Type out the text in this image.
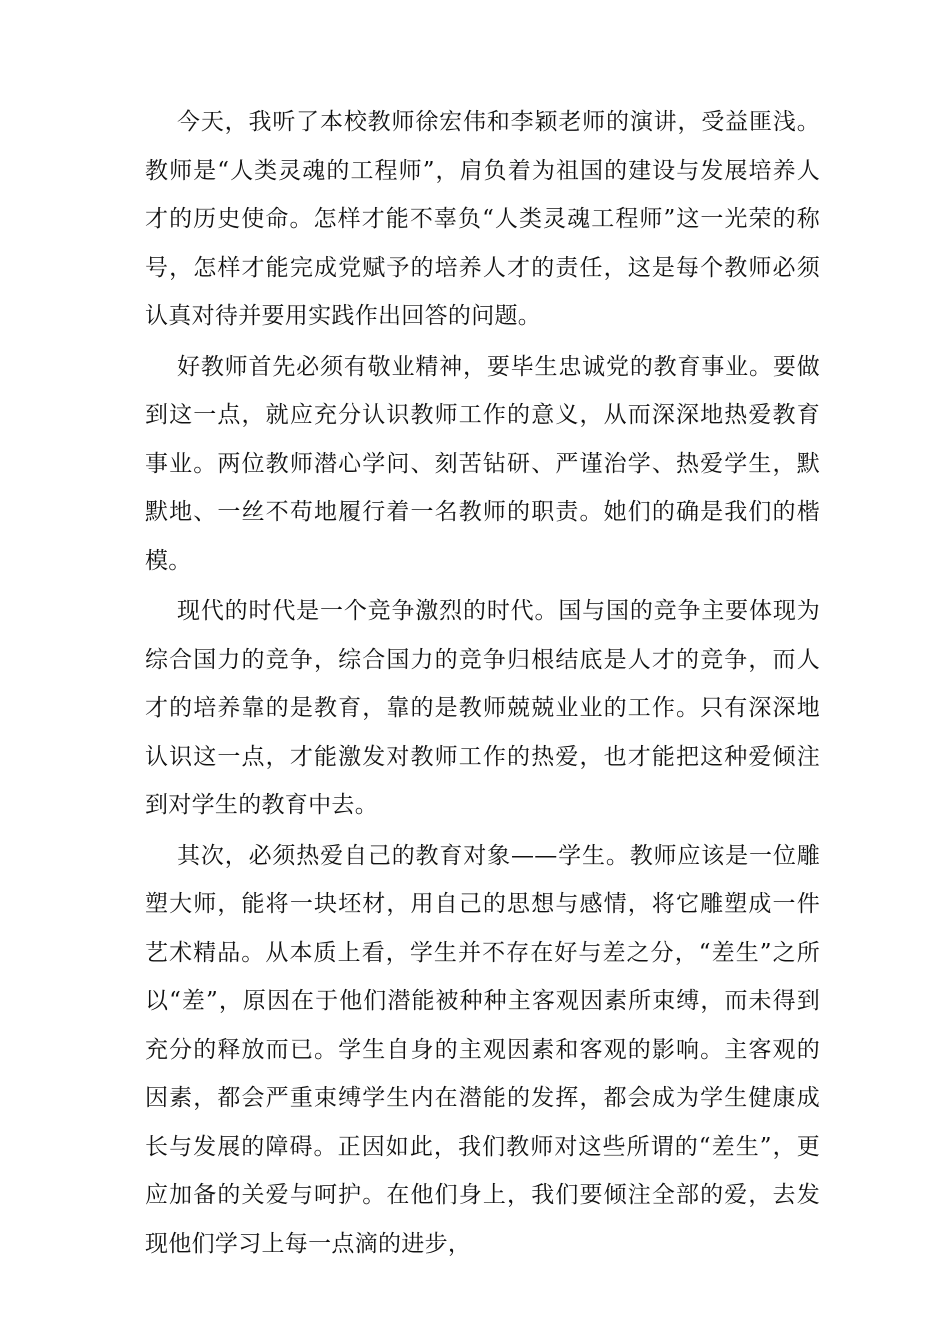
今天，我听了本校教师徐宏伟和李颖老师的演讲，受益匪浅。教师是“人类灵魂的工程师”，肩负着为祖国的建设与发展培养人才的历史使命。怎样才能不辜负“人类灵魂工程师”这一光荣的称号，怎样才能完成党赋予的培养人才的责任，这是每个教师必须认真对待并要用实践作出回答的问题。

好教师首先必须有敬业精神，要毕生忠诚党的教育事业。要做到这一点，就应充分认识教师工作的意义，从而深深地热爱教育事业。两位教师潜心学问、刻苦钻研、严谨治学、热爱学生，默默地、一丝不苟地履行着一名教师的职责。她们的确是我们的楷模。

现代的时代是一个竞争激烈的时代。国与国的竞争主要体现为综合国力的竞争，综合国力的竞争归根结底是人才的竞争，而人才的培养靠的是教育，靠的是教师兢兢业业的工作。只有深深地认识这一点，才能激发对教师工作的热爱，也才能把这种爱倾注到对学生的教育中去。

其次，必须热爱自己的教育对象——学生。教师应该是一位雕塑大师，能将一块坯材，用自己的思想与感情，将它雕塑成一件艺术精品。从本质上看，学生并不存在好与差之分，“差生”之所以“差”，原因在于他们潜能被种种主客观因素所束缚，而未得到充分的释放而已。学生自身的主观因素和客观的影响。主客观的因素，都会严重束缚学生内在潜能的发挥，都会成为学生健康成长与发展的障碍。正因如此，我们教师对这些所谓的“差生”，更应加备的关爱与呵护。在他们身上，我们要倾注全部的爱，去发现他们学习上每一点滴的进步，
